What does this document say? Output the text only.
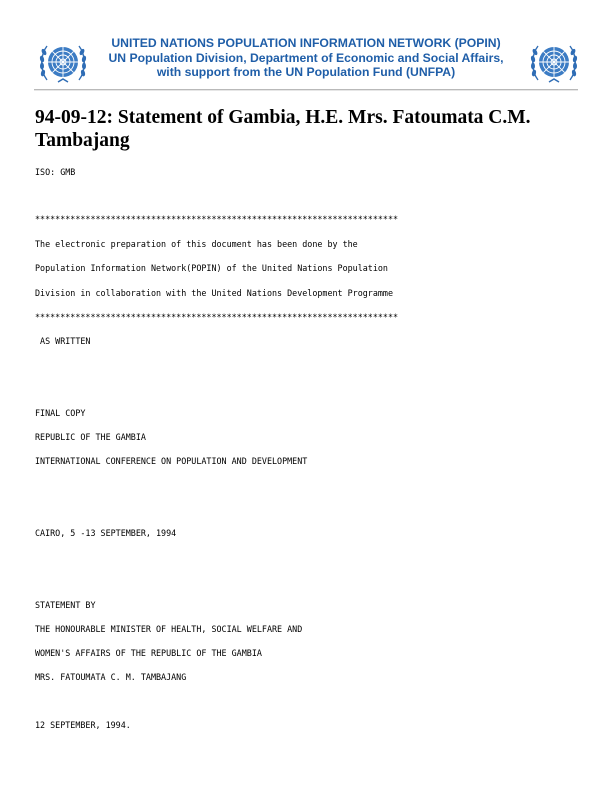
UNITED NATIONS POPULATION INFORMATION NETWORK (POPIN)
UN Population Division, Department of Economic and Social Affairs,
with support from the UN Population Fund (UNFPA)
94-09-12: Statement of Gambia, H.E. Mrs. Fatoumata C.M. Tambajang
ISO: GMB
************************************************************************
The electronic preparation of this document has been done by the
Population Information Network(POPIN) of the United Nations Population
Division in collaboration with the United Nations Development Programme
************************************************************************
AS WRITTEN
FINAL COPY
REPUBLIC OF THE GAMBIA
INTERNATIONAL CONFERENCE ON POPULATION AND DEVELOPMENT
CAIRO, 5 -13 SEPTEMBER, 1994
STATEMENT BY
THE HONOURABLE MINISTER OF HEALTH, SOCIAL WELFARE AND
WOMEN'S AFFAIRS OF THE REPUBLIC OF THE GAMBIA
MRS. FATOUMATA C. M. TAMBAJANG
12 SEPTEMBER, 1994.
